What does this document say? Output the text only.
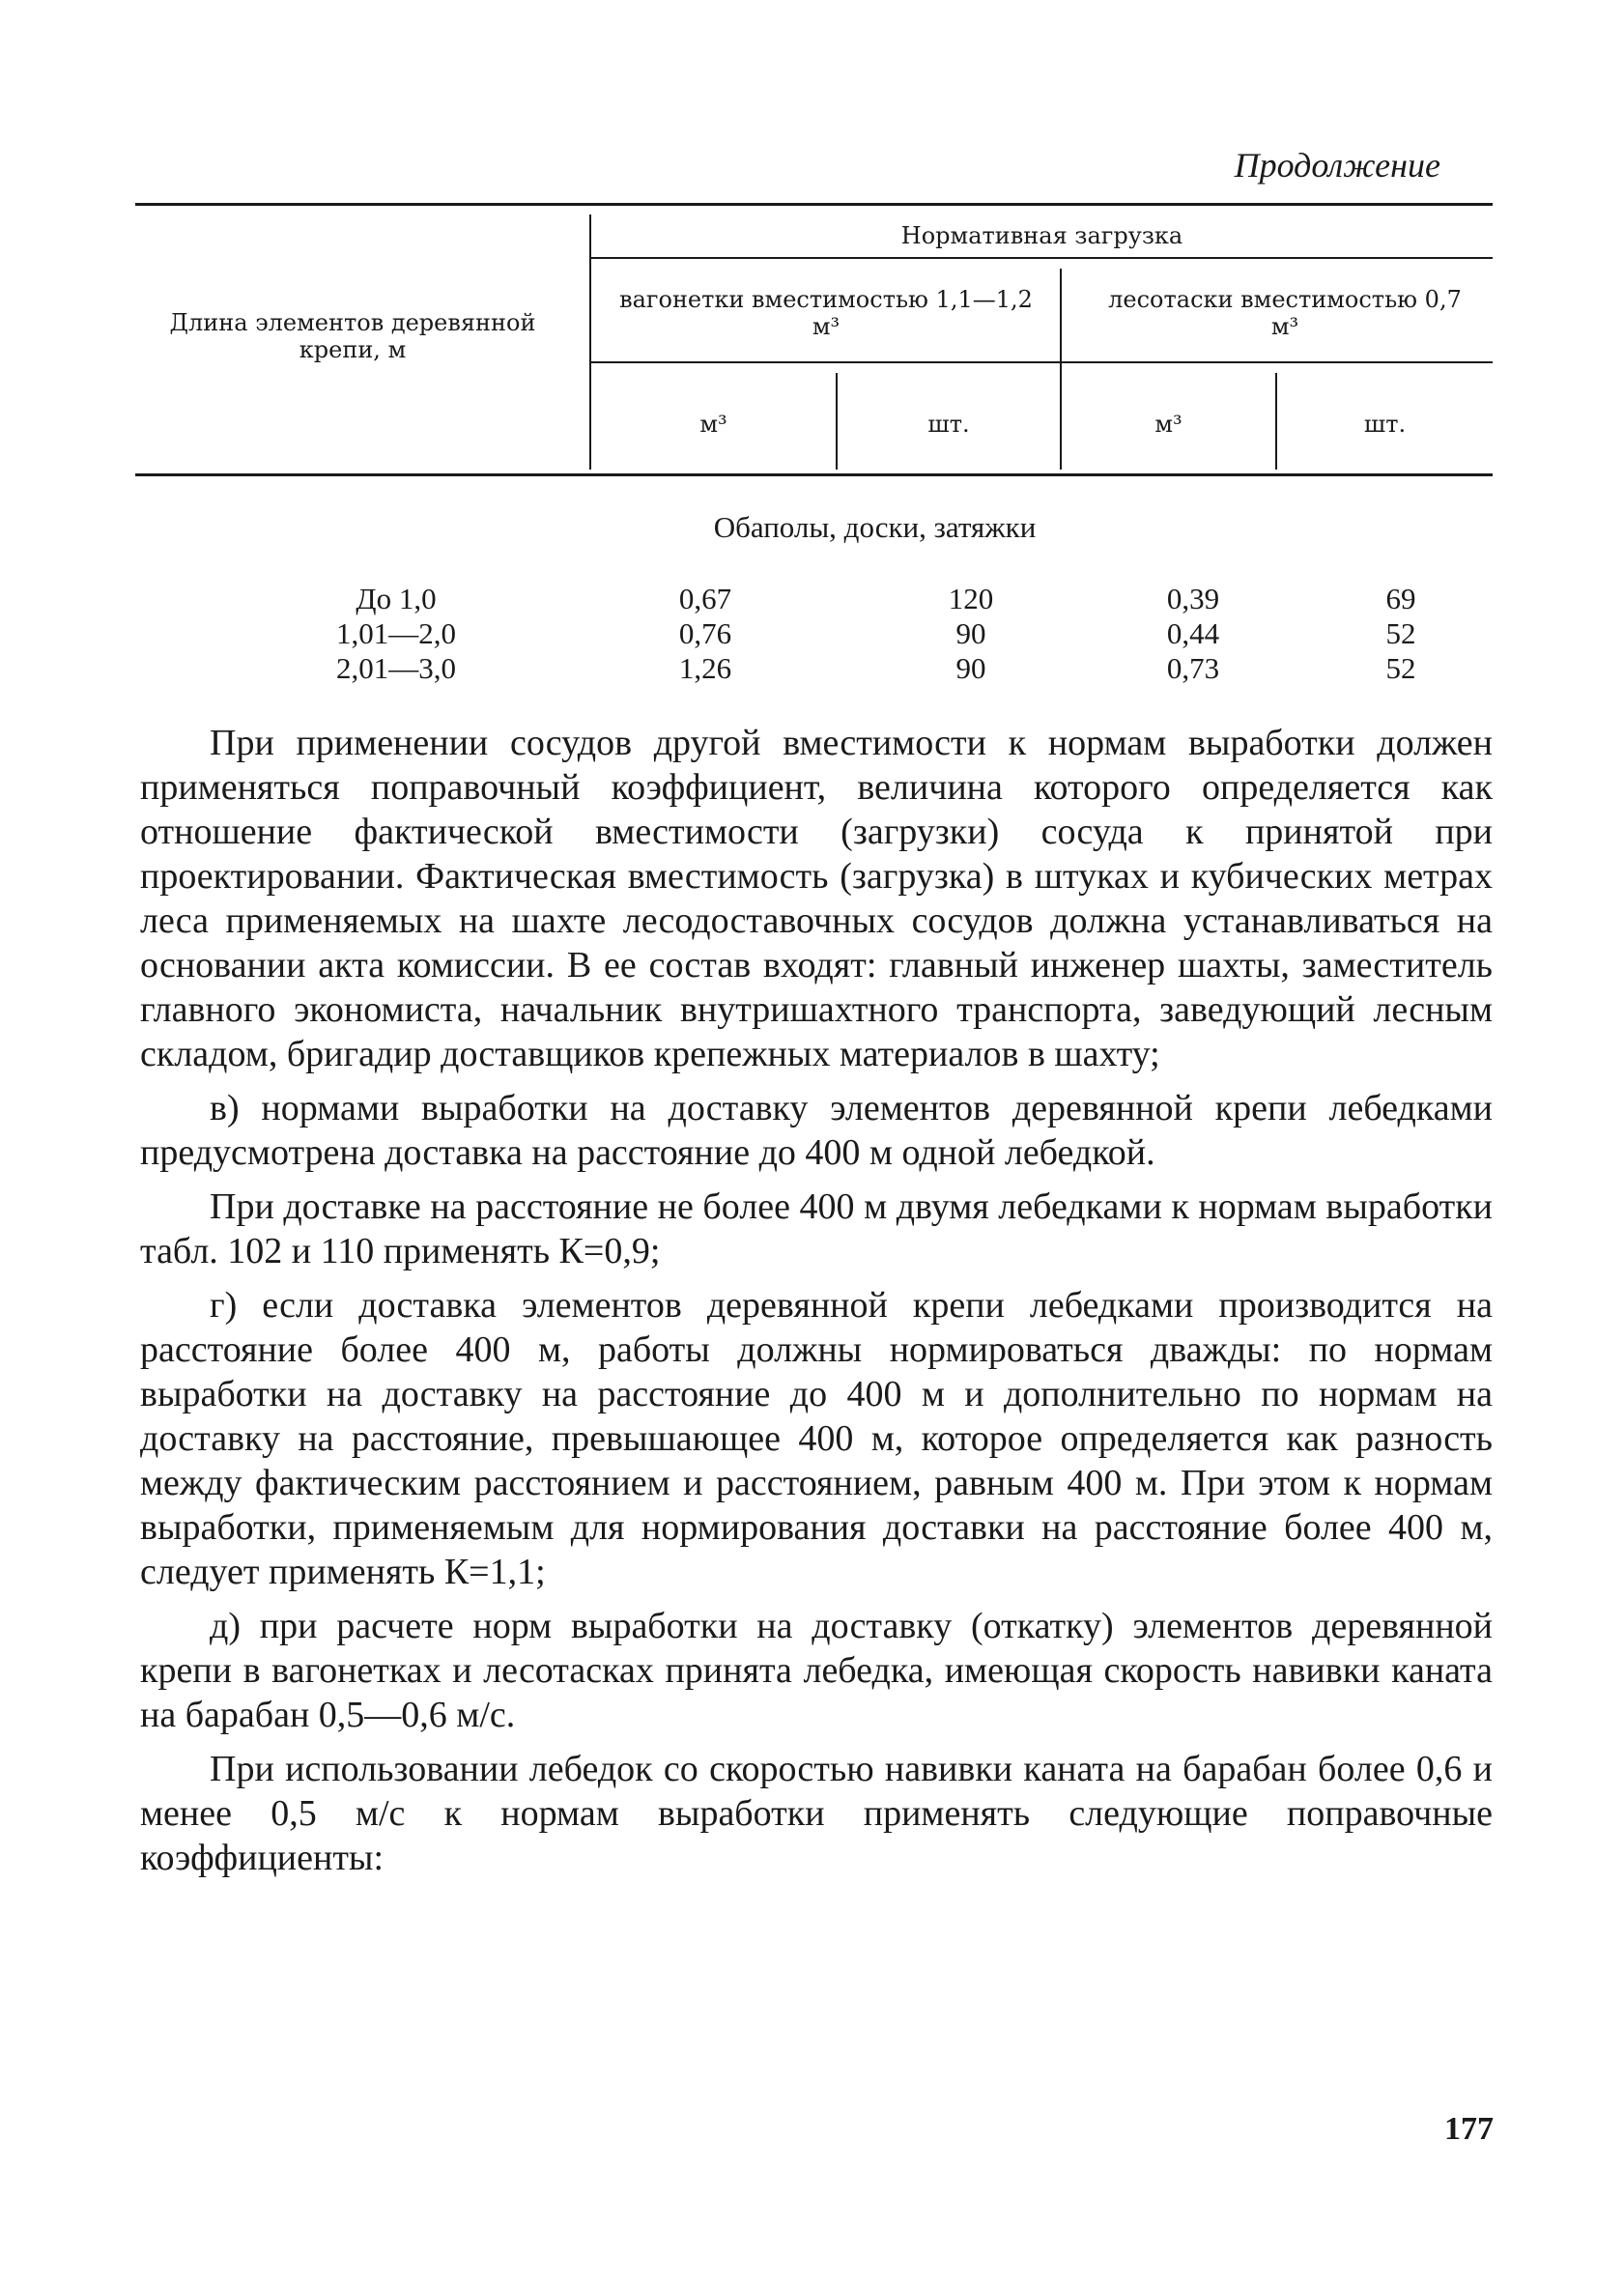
Продолжение
Длина элементов деревянной крепи, м
Нормативная загрузка
вагонетки вместимостью 1,1—1,2 м³
лесотаски вместимостью 0,7 м³
м³	шт.	м³	шт.
Обаполы, доски, затяжки
До 1,0	0,67	120	0,39	69
1,01—2,0	0,76	90	0,44	52
2,01—3,0	1,26	90	0,73	52

При применении сосудов другой вместимости к нормам выработки должен применяться поправочный коэффициент, величина которого определяется как отношение фактической вместимости (загрузки) сосуда к принятой при проектировании. Фактическая вместимость (загрузка) в штуках и кубических метрах леса применяемых на шахте лесодоставочных сосудов должна устанавливаться на основании акта комиссии. В ее состав входят: главный инженер шахты, заместитель главного экономиста, начальник внутришахтного транспорта, заведующий лесным складом, бригадир доставщиков крепежных материалов в шахту;

в) нормами выработки на доставку элементов деревянной крепи лебедками предусмотрена доставка на расстояние до 400 м одной лебедкой.

При доставке на расстояние не более 400 м двумя лебедками к нормам выработки табл. 102 и 110 применять К=0,9;

г) если доставка элементов деревянной крепи лебедками производится на расстояние более 400 м, работы должны нормироваться дважды: по нормам выработки на доставку на расстояние до 400 м и дополнительно по нормам на доставку на расстояние, превышающее 400 м, которое определяется как разность между фактическим расстоянием и расстоянием, равным 400 м. При этом к нормам выработки, применяемым для нормирования доставки на расстояние более 400 м, следует применять К=1,1;

д) при расчете норм выработки на доставку (откатку) элементов деревянной крепи в вагонетках и лесотасках принята лебедка, имеющая скорость навивки каната на барабан 0,5—0,6 м/с.

При использовании лебедок со скоростью навивки каната на барабан более 0,6 и менее 0,5 м/с к нормам выработки применять следующие поправочные коэффициенты:

177
